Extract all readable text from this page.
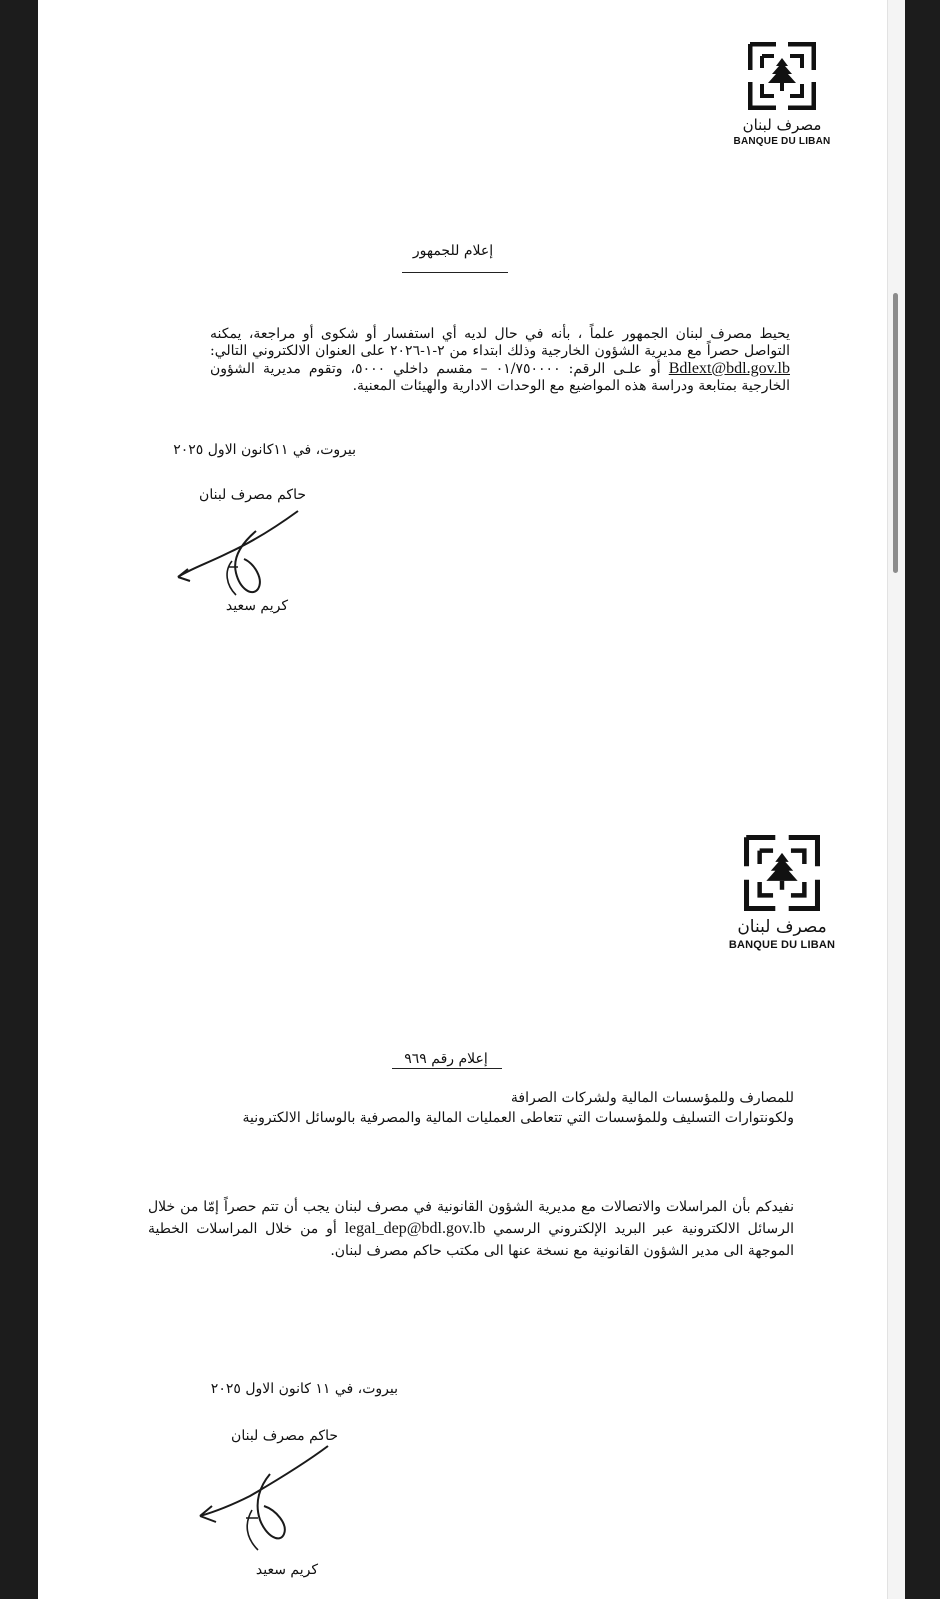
مصرف لبنان
BANQUE DU LIBAN
إعلام للجمهور
يحيط مصرف لبنان الجمهور علماً ، بأنه في حال لديه أي استفسار أو شكوى أو مراجعة، يمكنه التواصل حصراً مع مديرية الشؤون الخارجية وذلك ابتداء من ٢-١-٢٠٢٦ على العنوان الالكتروني التالي: Bdlext@bdl.gov.lb أو علـى الرقم: ٠١/٧٥٠٠٠٠ – مقسم داخلي ٥٠٠٠، وتقوم مديرية الشؤون الخارجية بمتابعة ودراسة هذه المواضيع مع الوحدات الادارية والهيئات المعنية.
بيروت، في ١١كانون الاول ٢٠٢٥
حاكم مصرف لبنان
كريم سعيد
مصرف لبنان
BANQUE DU LIBAN
إعلام رقم ٩٦٩
للمصارف وللمؤسسات المالية ولشركات الصرافة
ولكونتوارات التسليف وللمؤسسات التي تتعاطى العمليات المالية والمصرفية بالوسائل الالكترونية
نفيدكم بأن المراسلات والاتصالات مع مديرية الشؤون القانونية في مصرف لبنان يجب أن تتم حصراً إمّا من خلال الرسائل الالكترونية عبر البريد الإلكتروني الرسمي legal_dep@bdl.gov.lb أو من خلال المراسلات الخطية الموجهة الى مدير الشؤون القانونية مع نسخة عنها الى مكتب حاكم مصرف لبنان.
بيروت، في ١١ كانون الاول ٢٠٢٥
حاكم مصرف لبنان
كريم سعيد
